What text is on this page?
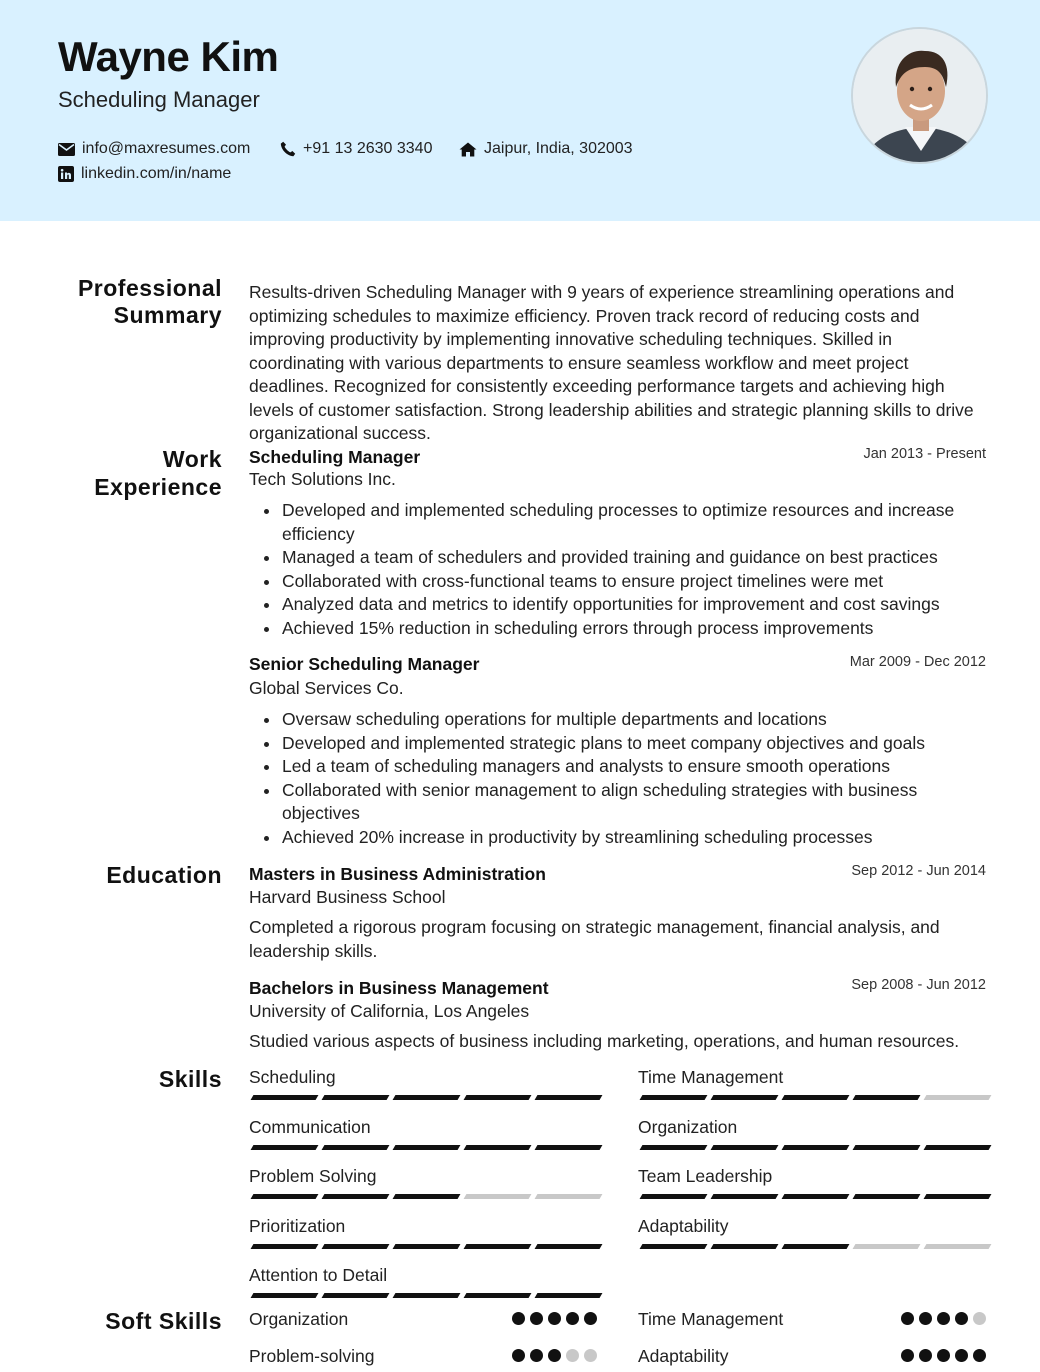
Wayne Kim
Scheduling Manager
info@maxresumes.com	+91 13 2630 3340	Jaipur, India, 302003
linkedin.com/in/name
Professional
Summary
Work
Experience
Education
Skills
Soft Skills
Results-driven Scheduling Manager with 9 years of experience streamlining operations and optimizing schedules to maximize efficiency. Proven track record of reducing costs and improving productivity by implementing innovative scheduling techniques. Skilled in coordinating with various departments to ensure seamless workflow and meet project deadlines. Recognized for consistently exceeding performance targets and achieving high levels of customer satisfaction. Strong leadership abilities and strategic planning skills to drive organizational success.
Scheduling Manager	Jan 2013 - Present
Tech Solutions Inc.
Developed and implemented scheduling processes to optimize resources and increase efficiency
Managed a team of schedulers and provided training and guidance on best practices
Collaborated with cross-functional teams to ensure project timelines were met
Analyzed data and metrics to identify opportunities for improvement and cost savings
Achieved 15% reduction in scheduling errors through process improvements
Senior Scheduling Manager	Mar 2009 - Dec 2012
Global Services Co.
Oversaw scheduling operations for multiple departments and locations
Developed and implemented strategic plans to meet company objectives and goals
Led a team of scheduling managers and analysts to ensure smooth operations
Collaborated with senior management to align scheduling strategies with business objectives
Achieved 20% increase in productivity by streamlining scheduling processes
Masters in Business Administration	Sep 2012 - Jun 2014
Harvard Business School
Completed a rigorous program focusing on strategic management, financial analysis, and leadership skills.
Bachelors in Business Management	Sep 2008 - Jun 2012
University of California, Los Angeles
Studied various aspects of business including marketing, operations, and human resources.
Scheduling	Time Management
Communication	Organization
Problem Solving	Team Leadership
Prioritization	Adaptability
Attention to Detail
Organization	Time Management
Problem-solving	Adaptability
